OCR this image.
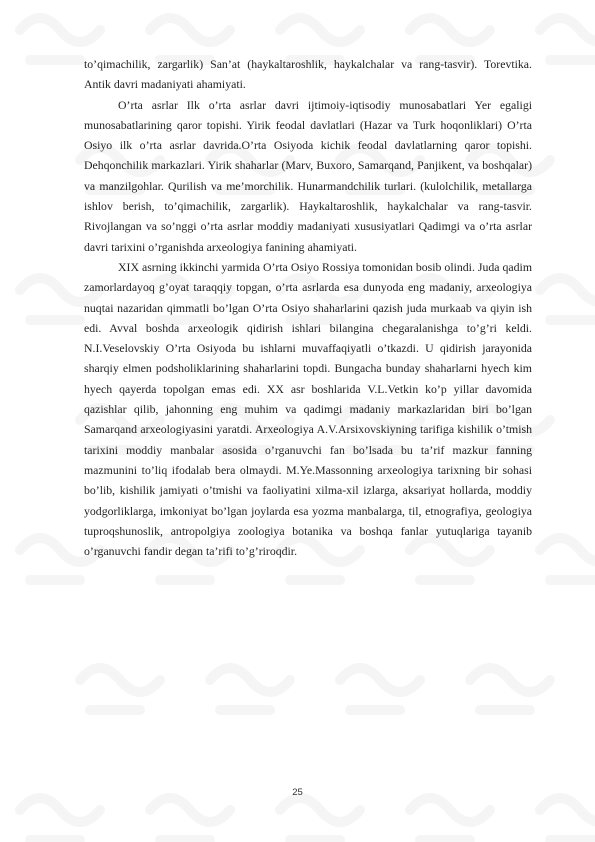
to’qimachilik, zargarlik) San’at (haykaltaroshlik, haykalchalar va rang-tasvir). Torevtika. Antik davri madaniyati ahamiyati.

O’rta asrlar Ilk o’rta asrlar davri ijtimoiy-iqtisodiy munosabatlari Yer egaligi munosabatlarining qaror topishi. Yirik feodal davlatlari (Hazar va Turk hoqonliklari) O’rta Osiyo ilk o’rta asrlar davrida.O’rta Osiyoda kichik feodal davlatlarning qaror topishi. Dehqonchilik markazlari. Yirik shaharlar (Marv, Buxoro, Samarqand, Panjikent, va boshqalar) va manzilgohlar. Qurilish va me’morchilik. Hunarmandchilik turlari. (kulolchilik, metallarga ishlov berish, to’qimachilik, zargarlik). Haykaltaroshlik, haykalchalar va rang-tasvir. Rivojlangan va so’nggi o’rta asrlar moddiy madaniyati xususiyatlari Qadimgi va o’rta asrlar davri tarixini o’rganishda arxeologiya fanining ahamiyati.

XIX asrning ikkinchi yarmida O’rta Osiyo Rossiya tomonidan bosib olindi. Juda qadim zamorlardayoq g’oyat taraqqiy topgan, o’rta asrlarda esa dunyoda eng madaniy, arxeologiya nuqtai nazaridan qimmatli bo’lgan O’rta Osiyo shaharlarini qazish juda murkaab va qiyin ish edi. Avval boshda arxeologik qidirish ishlari bilangina chegaralanishga to’g’ri keldi. N.I.Veselovskiy O’rta Osiyoda bu ishlarni muvaffaqiyatli o’tkazdi. U qidirish jarayonida sharqiy elmen podsholiklarining shaharlarini topdi. Bungacha bunday shaharlarni hyech kim hyech qayerda topolgan emas edi. XX asr boshlarida V.L.Vetkin ko’p yillar davomida qazishlar qilib, jahonning eng muhim va qadimgi madaniy markazlaridan biri bo’lgan Samarqand arxeologiyasini yaratdi. Arxeologiya A.V.Arsixovskiyning tarifiga kishilik o’tmish tarixini moddiy manbalar asosida o’rganuvchi fan bo’lsada bu ta’rif mazkur fanning mazmunini to’liq ifodalab bera olmaydi. M.Ye.Massonning arxeologiya tarixning bir sohasi bo’lib, kishilik jamiyati o’tmishi va faoliyatini xilma-xil izlarga, aksariyat hollarda, moddiy yodgorliklarga, imkoniyat bo’lgan joylarda esa yozma manbalarga, til, etnografiya, geologiya tuproqshunoslik, antropolgiya zoologiya botanika va boshqa fanlar yutuqlariga tayanib o’rganuvchi fandir degan ta’rifi to’g’riroqdir.

25
